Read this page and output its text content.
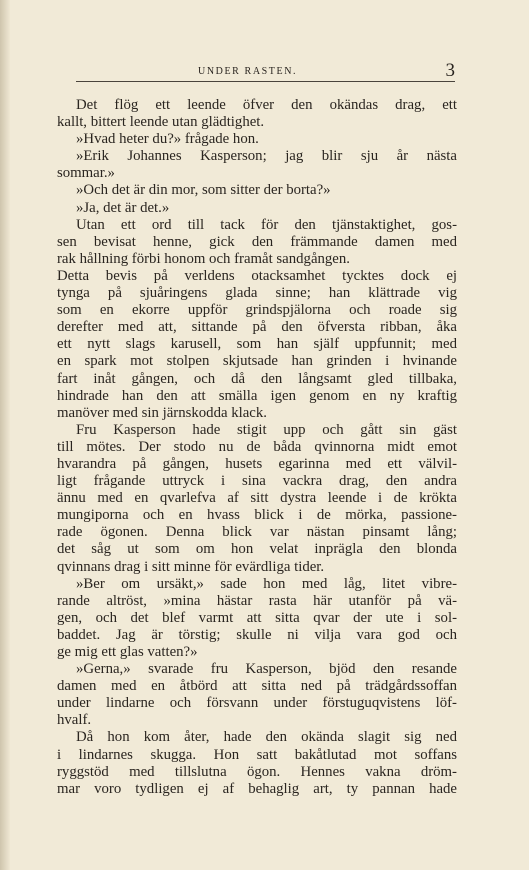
UNDER RASTEN.	3
Det flög ett leende öfver den okändas drag, ett
kallt, bittert leende utan glädtighet.
»Hvad heter du?» frågade hon.
»Erik Johannes Kasperson; jag blir sju år nästa
sommar.»
»Och det är din mor, som sitter der borta?»
»Ja, det är det.»
Utan ett ord till tack för den tjänstaktighet, gos-
sen bevisat henne, gick den främmande damen med
rak hållning förbi honom och framåt sandgången.
Detta bevis på verldens otacksamhet tycktes dock ej
tynga på sjuåringens glada sinne; han klättrade vig
som en ekorre uppför grindspjälorna och roade sig
derefter med att, sittande på den öfversta ribban, åka
ett nytt slags karusell, som han själf uppfunnit; med
en spark mot stolpen skjutsade han grinden i hvinande
fart inåt gången, och då den långsamt gled tillbaka,
hindrade han den att smälla igen genom en ny kraftig
manöver med sin järnskodda klack.
Fru Kasperson hade stigit upp och gått sin gäst
till mötes. Der stodo nu de båda qvinnorna midt emot
hvarandra på gången, husets egarinna med ett välvil-
ligt frågande uttryck i sina vackra drag, den andra
ännu med en qvarlefva af sitt dystra leende i de krökta
mungiporna och en hvass blick i de mörka, passione-
rade ögonen. Denna blick var nästan pinsamt lång;
det såg ut som om hon velat inprägla den blonda
qvinnans drag i sitt minne för evärdliga tider.
»Ber om ursäkt,» sade hon med låg, litet vibre-
rande altröst, »mina hästar rasta här utanför på vä-
gen, och det blef varmt att sitta qvar der ute i sol-
baddet. Jag är törstig; skulle ni vilja vara god och
ge mig ett glas vatten?»
»Gerna,» svarade fru Kasperson, bjöd den resande
damen med en åtbörd att sitta ned på trädgårdssoffan
under lindarne och försvann under förstuguqvistens löf-
hvalf.
Då hon kom åter, hade den okända slagit sig ned
i lindarnes skugga. Hon satt bakåtlutad mot soffans
ryggstöd med tillslutna ögon. Hennes vakna dröm-
mar voro tydligen ej af behaglig art, ty pannan hade
